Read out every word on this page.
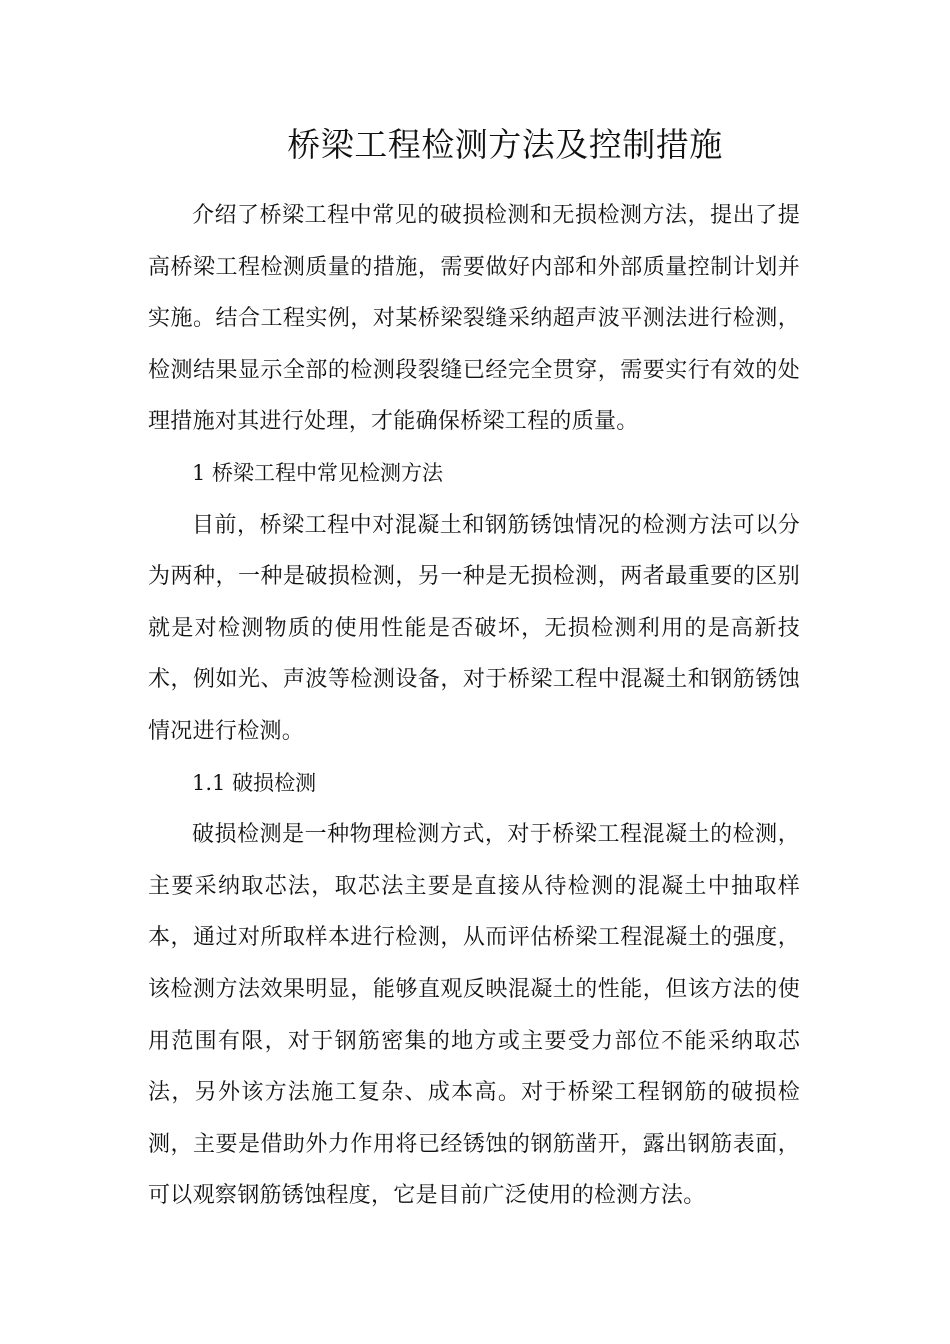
桥梁工程检测方法及控制措施

介绍了桥梁工程中常见的破损检测和无损检测方法，提出了提高桥梁工程检测质量的措施，需要做好内部和外部质量控制计划并实施。结合工程实例，对某桥梁裂缝采纳超声波平测法进行检测，检测结果显示全部的检测段裂缝已经完全贯穿，需要实行有效的处理措施对其进行处理，才能确保桥梁工程的质量。

1 桥梁工程中常见检测方法

目前，桥梁工程中对混凝土和钢筋锈蚀情况的检测方法可以分为两种，一种是破损检测，另一种是无损检测，两者最重要的区别就是对检测物质的使用性能是否破坏，无损检测利用的是高新技术，例如光、声波等检测设备，对于桥梁工程中混凝土和钢筋锈蚀情况进行检测。

1.1 破损检测

破损检测是一种物理检测方式，对于桥梁工程混凝土的检测，主要采纳取芯法，取芯法主要是直接从待检测的混凝土中抽取样本，通过对所取样本进行检测，从而评估桥梁工程混凝土的强度，该检测方法效果明显，能够直观反映混凝土的性能，但该方法的使用范围有限，对于钢筋密集的地方或主要受力部位不能采纳取芯法，另外该方法施工复杂、成本高。对于桥梁工程钢筋的破损检测，主要是借助外力作用将已经锈蚀的钢筋凿开，露出钢筋表面，可以观察钢筋锈蚀程度，它是目前广泛使用的检测方法。
